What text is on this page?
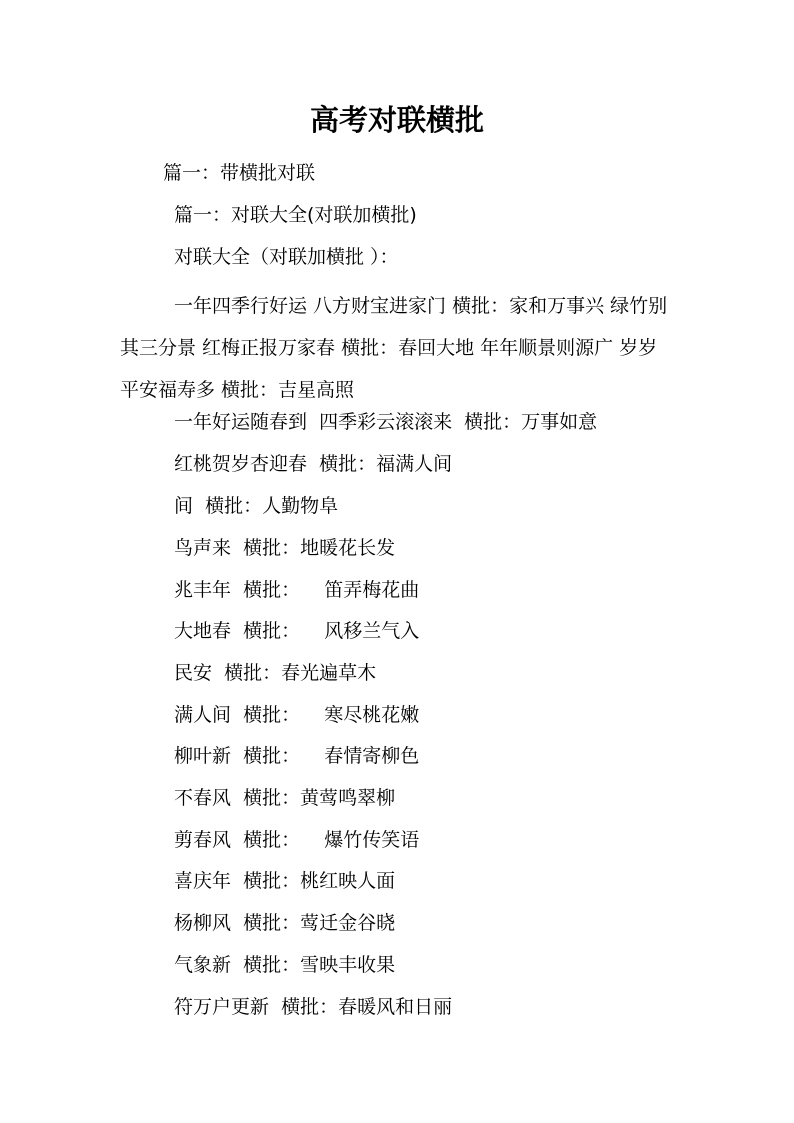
高考对联横批
篇一：带横批对联
篇一：对联大全(对联加横批)
对联大全（对联加横批 ）：
一年四季行好运 八方财宝进家门 横批：家和万事兴 绿竹别其三分景 红梅正报万家春 横批：春回大地 年年顺景则源广 岁岁平安福寿多 横批：吉星高照
一年好运随春到  四季彩云滚滚来  横批：万事如意
红桃贺岁杏迎春  横批：福满人间
间  横批：人勤物阜
鸟声来  横批：地暖花长发
兆丰年  横批：    笛弄梅花曲
大地春  横批：    风移兰气入
民安  横批：春光遍草木
满人间  横批：    寒尽桃花嫩
柳叶新  横批：    春情寄柳色
不春风  横批：黄莺鸣翠柳
剪春风  横批：    爆竹传笑语
喜庆年  横批：桃红映人面
杨柳风  横批：莺迁金谷晓
气象新  横批：雪映丰收果
符万户更新  横批：春暖风和日丽
